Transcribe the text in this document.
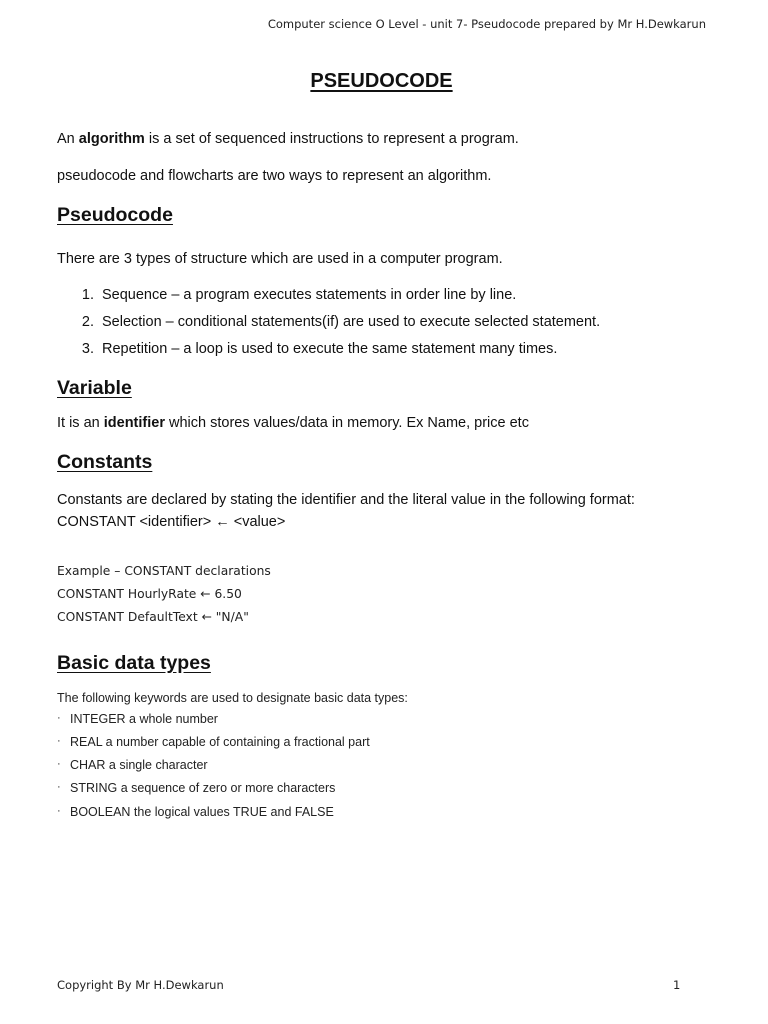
Computer science O Level - unit 7- Pseudocode prepared by Mr H.Dewkarun
PSEUDOCODE
An algorithm is a set of sequenced instructions to represent a program.
pseudocode and flowcharts are two ways to represent an algorithm.
Pseudocode
There are 3 types of structure which are used in a computer program.
1. Sequence – a program executes statements in order line by line.
2. Selection – conditional statements(if) are used to execute selected statement.
3. Repetition – a loop is used to execute the same statement many times.
Variable
It is an identifier which stores values/data in memory. Ex Name, price etc
Constants
Constants are declared by stating the identifier and the literal value in the following format:
CONSTANT <identifier> ← <value>
Example – CONSTANT declarations
CONSTANT HourlyRate ← 6.50
CONSTANT DefaultText ← "N/A"
Basic data types
The following keywords are used to designate basic data types:
· INTEGER a whole number
· REAL a number capable of containing a fractional part
· CHAR a single character
· STRING a sequence of zero or more characters
· BOOLEAN the logical values TRUE and FALSE
Copyright By Mr H.Dewkarun	1
